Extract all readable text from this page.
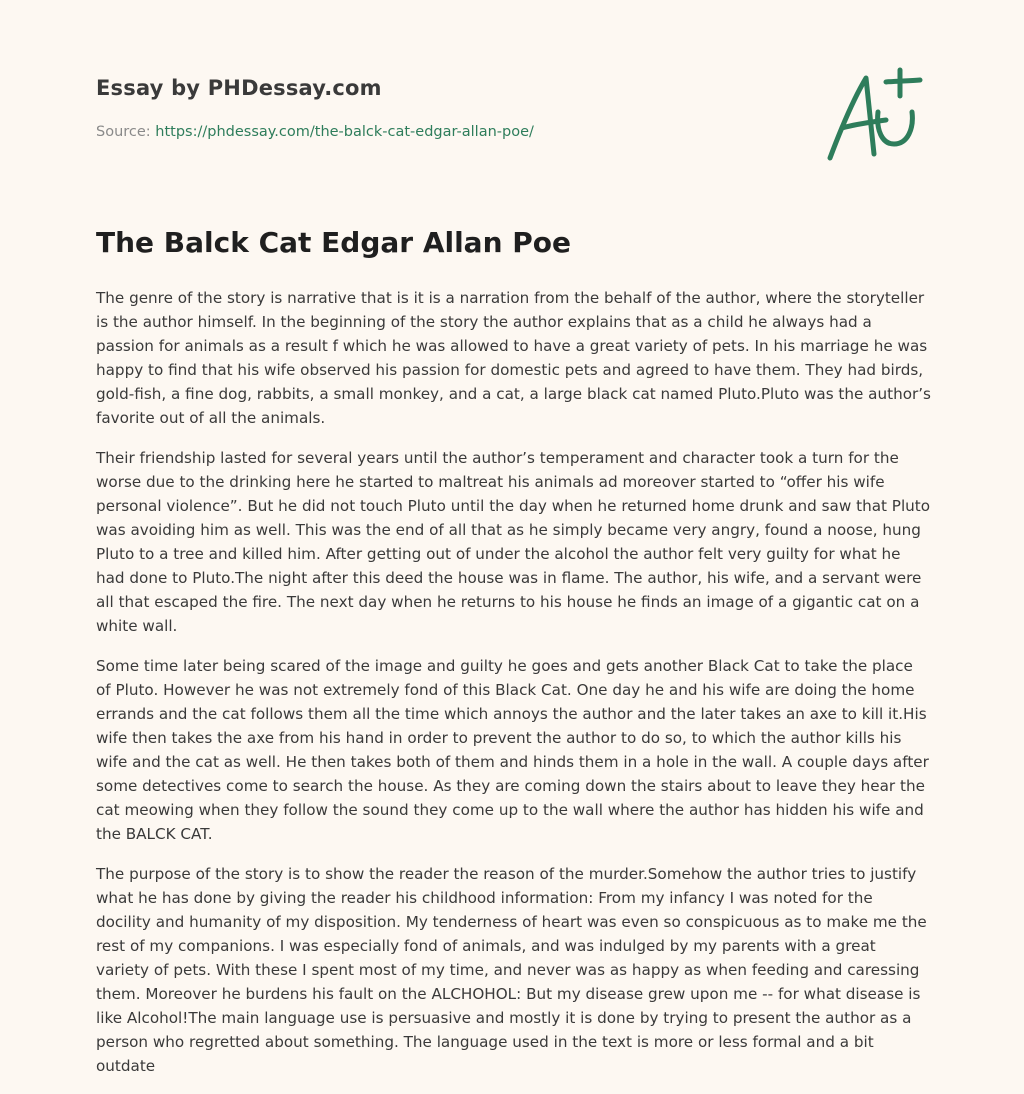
Essay by PHDessay.com
Source: https://phdessay.com/the-balck-cat-edgar-allan-poe/
The Balck Cat Edgar Allan Poe

The genre of the story is narrative that is it is a narration from the behalf of the author, where the storyteller is the author himself. In the beginning of the story the author explains that as a child he always had a passion for animals as a result f which he was allowed to have a great variety of pets. In his marriage he was happy to find that his wife observed his passion for domestic pets and agreed to have them. They had birds, gold-fish, a fine dog, rabbits, a small monkey, and a cat, a large black cat named Pluto.Pluto was the author’s favorite out of all the animals.

Their friendship lasted for several years until the author’s temperament and character took a turn for the worse due to the drinking here he started to maltreat his animals ad moreover started to “offer his wife personal violence”. But he did not touch Pluto until the day when he returned home drunk and saw that Pluto was avoiding him as well. This was the end of all that as he simply became very angry, found a noose, hung Pluto to a tree and killed him. After getting out of under the alcohol the author felt very guilty for what he had done to Pluto.The night after this deed the house was in flame. The author, his wife, and a servant were all that escaped the fire. The next day when he returns to his house he finds an image of a gigantic cat on a white wall.

Some time later being scared of the image and guilty he goes and gets another Black Cat to take the place of Pluto. However he was not extremely fond of this Black Cat. One day he and his wife are doing the home errands and the cat follows them all the time which annoys the author and the later takes an axe to kill it.His wife then takes the axe from his hand in order to prevent the author to do so, to which the author kills his wife and the cat as well. He then takes both of them and hinds them in a hole in the wall. A couple days after some detectives come to search the house. As they are coming down the stairs about to leave they hear the cat meowing when they follow the sound they come up to the wall where the author has hidden his wife and the BALCK CAT.

The purpose of the story is to show the reader the reason of the murder.Somehow the author tries to justify what he has done by giving the reader his childhood information: From my infancy I was noted for the docility and humanity of my disposition. My tenderness of heart was even so conspicuous as to make me the rest of my companions. I was especially fond of animals, and was indulged by my parents with a great variety of pets. With these I spent most of my time, and never was as happy as when feeding and caressing them. Moreover he burdens his fault on the ALCHOHOL: But my disease grew upon me -- for what disease is like Alcohol!The main language use is persuasive and mostly it is done by trying to present the author as a person who regretted about something. The language used in the text is more or less formal and a bit outdate
